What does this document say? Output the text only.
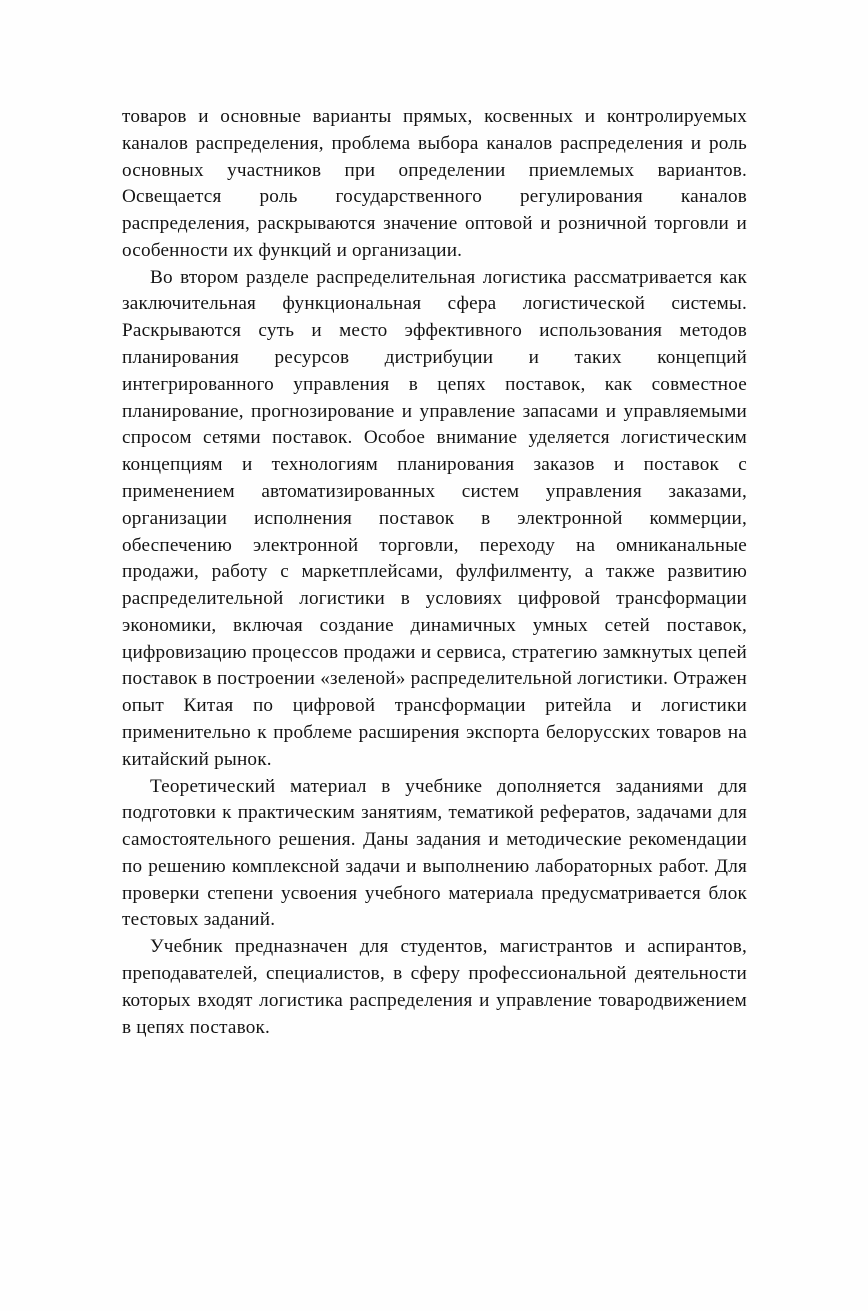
товаров и основные варианты прямых, косвенных и контролируемых каналов распределения, проблема выбора каналов распределения и роль основных участников при определении приемлемых вариантов. Освещается роль государственного регулирования каналов распределения, раскрываются значение оптовой и розничной торговли и особенности их функций и организации.

Во втором разделе распределительная логистика рассматривается как заключительная функциональная сфера логистической системы. Раскрываются суть и место эффективного использования методов планирования ресурсов дистрибуции и таких концепций интегрированного управления в цепях поставок, как совместное планирование, прогнозирование и управление запасами и управляемыми спросом сетями поставок. Особое внимание уделяется логистическим концепциям и технологиям планирования заказов и поставок с применением автоматизированных систем управления заказами, организации исполнения поставок в электронной коммерции, обеспечению электронной торговли, переходу на омниканальные продажи, работу с маркетплейсами, фулфилменту, а также развитию распределительной логистики в условиях цифровой трансформации экономики, включая создание динамичных умных сетей поставок, цифровизацию процессов продажи и сервиса, стратегию замкнутых цепей поставок в построении «зеленой» распределительной логистики. Отражен опыт Китая по цифровой трансформации ритейла и логистики применительно к проблеме расширения экспорта белорусских товаров на китайский рынок.

Теоретический материал в учебнике дополняется заданиями для подготовки к практическим занятиям, тематикой рефератов, задачами для самостоятельного решения. Даны задания и методические рекомендации по решению комплексной задачи и выполнению лабораторных работ. Для проверки степени усвоения учебного материала предусматривается блок тестовых заданий.

Учебник предназначен для студентов, магистрантов и аспирантов, преподавателей, специалистов, в сферу профессиональной деятельности которых входят логистика распределения и управление товародвижением в цепях поставок.
